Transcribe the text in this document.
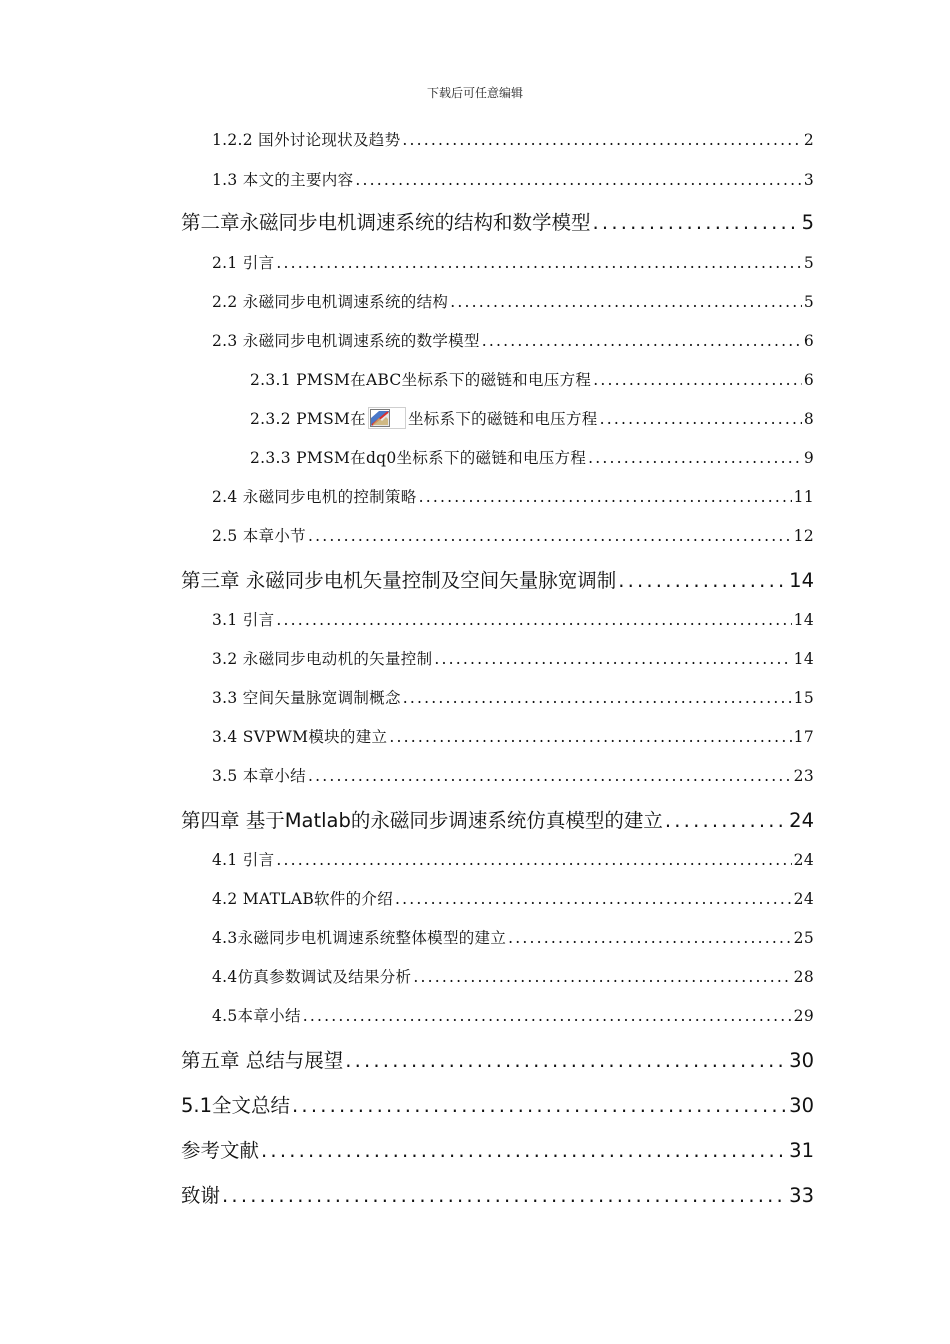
下载后可任意编辑
1.2.2 国外讨论现状及趋势 .....	2
1.3 本文的主要内容 .....	3
第二章永磁同步电机调速系统的结构和数学模型 .....	5
2.1 引言 .....	5
2.2 永磁同步电机调速系统的结构 .....	5
2.3 永磁同步电机调速系统的数学模型 .....	6
2.3.1 PMSM在ABC坐标系下的磁链和电压方程 .....	6
2.3.2 PMSM在	坐标系下的磁链和电压方程 .....	8
2.3.3 PMSM在dq0坐标系下的磁链和电压方程 .....	9
2.4 永磁同步电机的控制策略 .....	11
2.5 本章小节 .....	12
第三章 永磁同步电机矢量控制及空间矢量脉宽调制 .....	14
3.1 引言 .....	14
3.2 永磁同步电动机的矢量控制 .....	14
3.3 空间矢量脉宽调制概念 .....	15
3.4 SVPWM模块的建立 .....	17
3.5 本章小结 .....	23
第四章 基于Matlab的永磁同步调速系统仿真模型的建立 .....	24
4.1 引言 .....	24
4.2 MATLAB软件的介绍 .....	24
4.3永磁同步电机调速系统整体模型的建立 .....	25
4.4仿真参数调试及结果分析 .....	28
4.5本章小结 .....	29
第五章 总结与展望 .....	30
5.1全文总结 .....	30
参考文献 .....	31
致谢 .....	33
